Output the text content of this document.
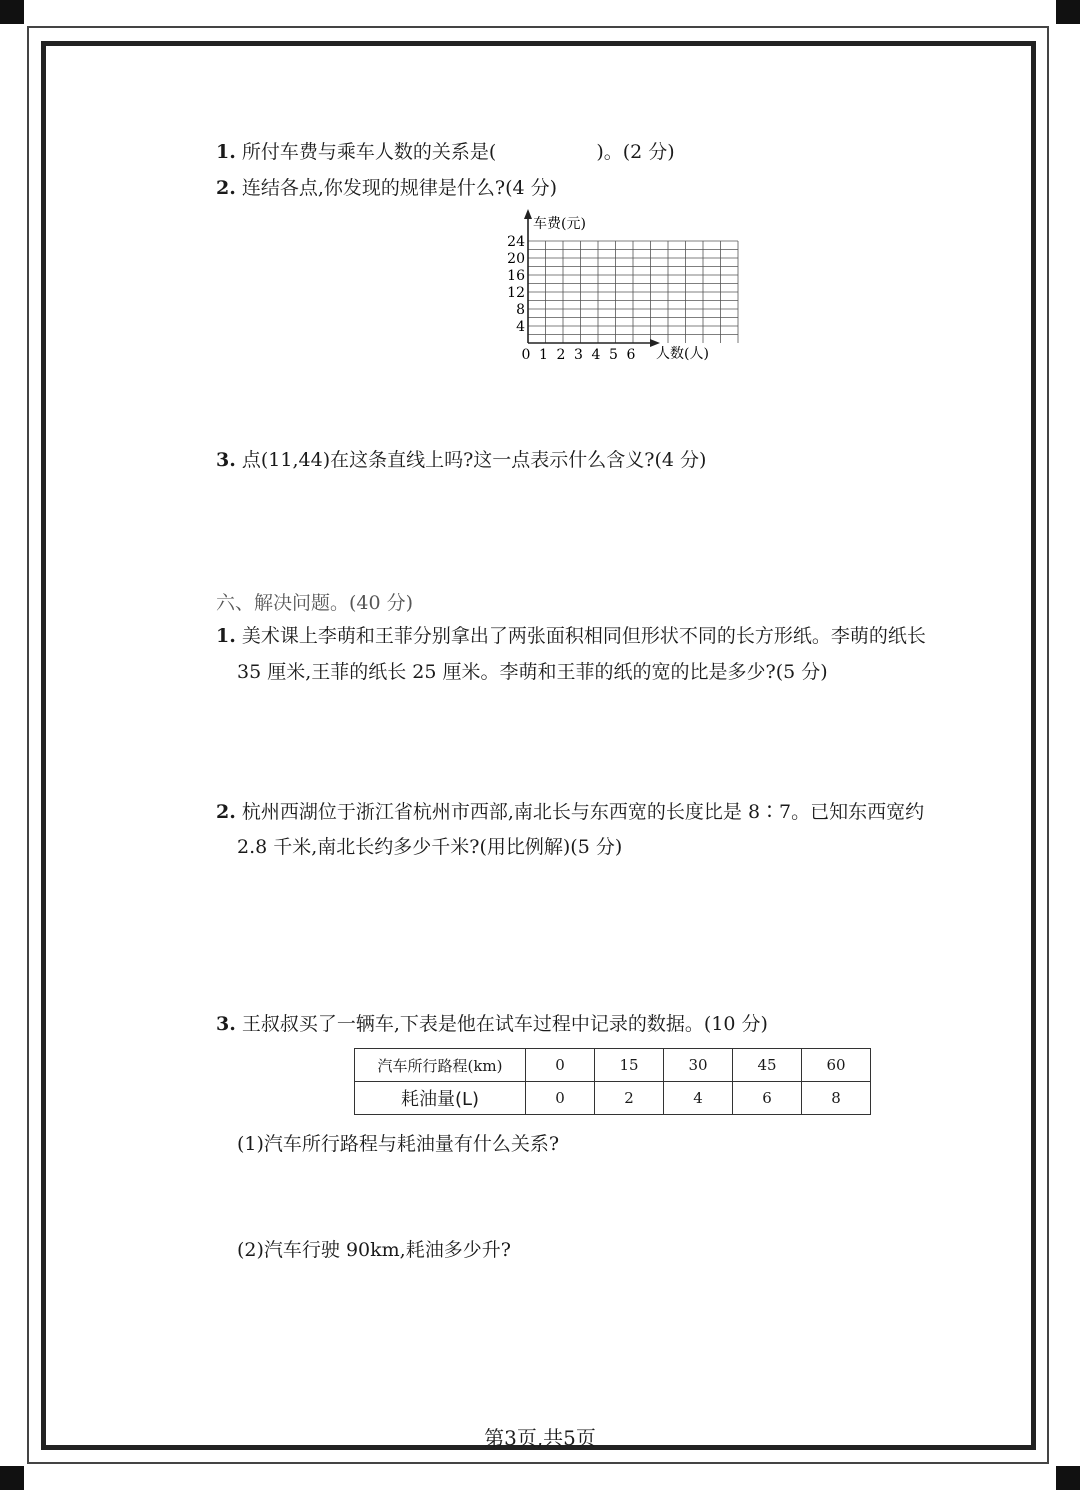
1. 所付车费与乘车人数的关系是(	)。(2 分)
2. 连结各点,你发现的规律是什么?(4 分)
车费(元)
人数(人)
24
20
16
12
8
4
0 1 2 3 4 5 6
3. 点(11,44)在这条直线上吗?这一点表示什么含义?(4 分)
六、解决问题。(40 分)
1. 美术课上李萌和王菲分别拿出了两张面积相同但形状不同的长方形纸。李萌的纸长
35 厘米,王菲的纸长 25 厘米。李萌和王菲的纸的宽的比是多少?(5 分)
2. 杭州西湖位于浙江省杭州市西部,南北长与东西宽的长度比是 8∶7。已知东西宽约
2.8 千米,南北长约多少千米?(用比例解)(5 分)
3. 王叔叔买了一辆车,下表是他在试车过程中记录的数据。(10 分)
汽车所行路程(km)	0	15	30	45	60
耗油量(L)	0	2	4	6	8
(1)汽车所行路程与耗油量有什么关系?
(2)汽车行驶 90km,耗油多少升?
第3页,共5页
